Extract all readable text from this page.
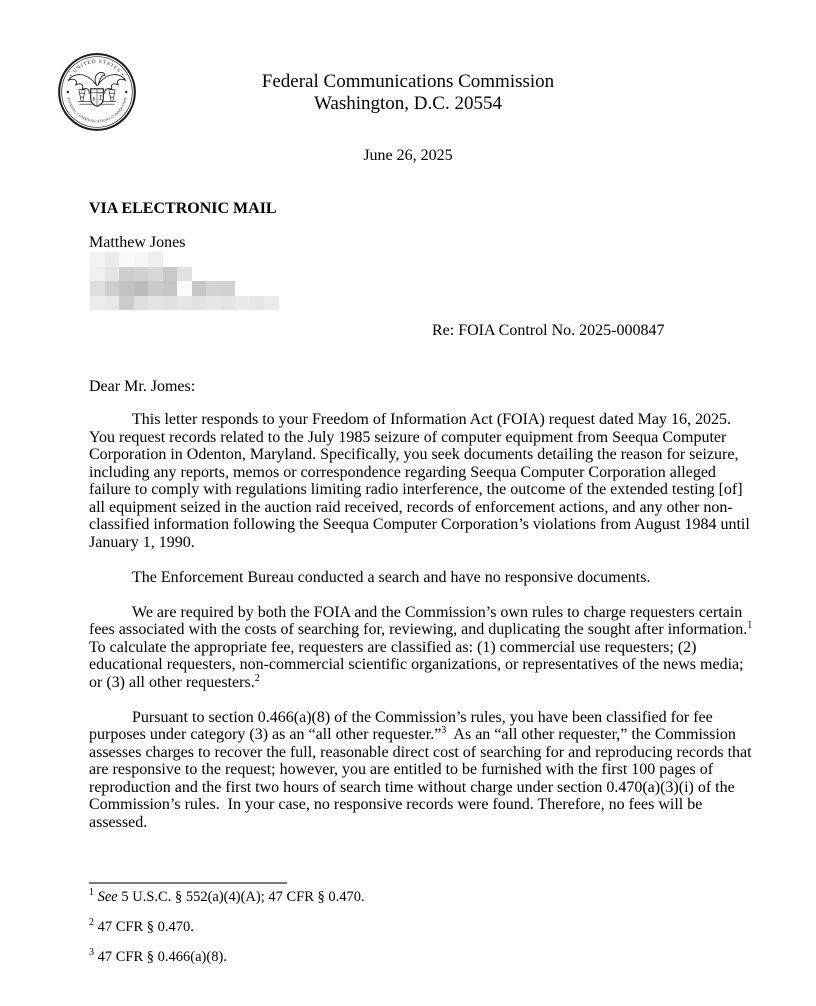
• UNITED STATES •
FEDERAL COMMUNICATIONS COMMISSION
Federal Communications Commission
Washington, D.C. 20554
June 26, 2025
VIA ELECTRONIC MAIL
Matthew Jones
Re: FOIA Control No. 2025-000847
Dear Mr. Jomes:

This letter responds to your Freedom of Information Act (FOIA) request dated May 16, 2025. You request records related to the July 1985 seizure of computer equipment from Seequa Computer Corporation in Odenton, Maryland. Specifically, you seek documents detailing the reason for seizure, including any reports, memos or correspondence regarding Seequa Computer Corporation alleged failure to comply with regulations limiting radio interference, the outcome of the extended testing [of] all equipment seized in the auction raid received, records of enforcement actions, and any other non-classified information following the Seequa Computer Corporation’s violations from August 1984 until January 1, 1990.

The Enforcement Bureau conducted a search and have no responsive documents.

We are required by both the FOIA and the Commission’s own rules to charge requesters certain fees associated with the costs of searching for, reviewing, and duplicating the sought after information.$^1$  To calculate the appropriate fee, requesters are classified as: (1) commercial use requesters; (2) educational requesters, non-commercial scientific organizations, or representatives of the news media; or (3) all other requesters.$^2$

Pursuant to section 0.466(a)(8) of the Commission’s rules, you have been classified for fee purposes under category (3) as an “all other requester.”$^3$  As an “all other requester,” the Commission assesses charges to recover the full, reasonable direct cost of searching for and reproducing records that are responsive to the request; however, you are entitled to be furnished with the first 100 pages of reproduction and the first two hours of search time without charge under section 0.470(a)(3)(i) of the Commission’s rules.  In your case, no responsive records were found. Therefore, no fees will be assessed.

$^1$ See 5 U.S.C. § 552(a)(4)(A); 47 CFR § 0.470.
$^2$ 47 CFR § 0.470.
$^3$ 47 CFR § 0.466(a)(8).
